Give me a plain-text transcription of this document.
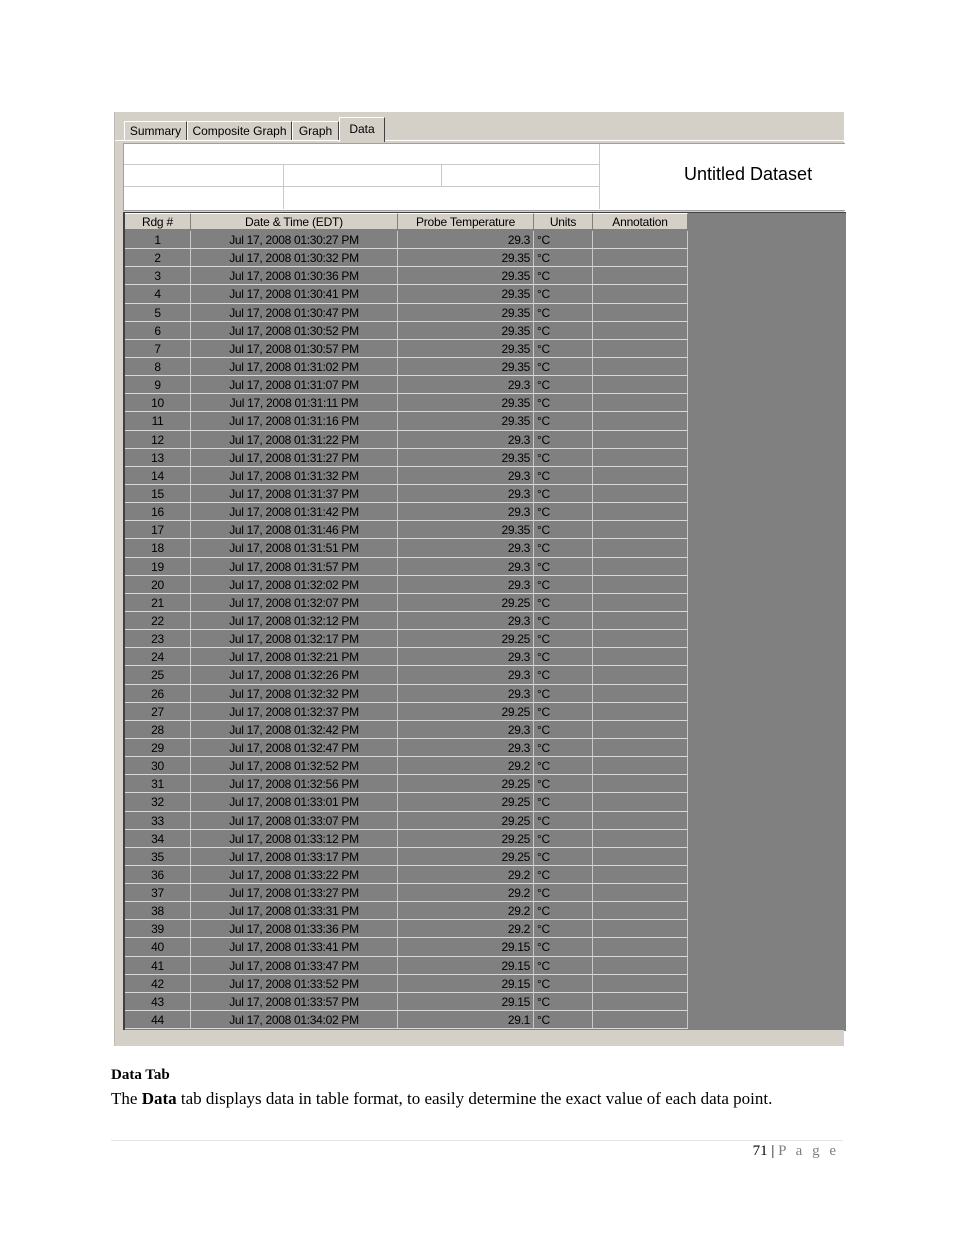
Summary Composite Graph	Graph	Data
Untitled Dataset
Rdg #	Date & Time (EDT)	Probe Temperature	Units	Annotation
1	Jul 17, 2008 01:30:27 PM	29.3 °C
2	Jul 17, 2008 01:30:32 PM	29.35 °C
3	Jul 17, 2008 01:30:36 PM	29.35 °C
4	Jul 17, 2008 01:30:41 PM	29.35 °C
5	Jul 17, 2008 01:30:47 PM	29.35 °C
6	Jul 17, 2008 01:30:52 PM	29.35 °C
7	Jul 17, 2008 01:30:57 PM	29.35 °C
8	Jul 17, 2008 01:31:02 PM	29.35 °C
9	Jul 17, 2008 01:31:07 PM	29.3 °C
10	Jul 17, 2008 01:31:11 PM	29.35 °C
11	Jul 17, 2008 01:31:16 PM	29.35 °C
12	Jul 17, 2008 01:31:22 PM	29.3 °C
13	Jul 17, 2008 01:31:27 PM	29.35 °C
14	Jul 17, 2008 01:31:32 PM	29.3 °C
15	Jul 17, 2008 01:31:37 PM	29.3 °C
16	Jul 17, 2008 01:31:42 PM	29.3 °C
17	Jul 17, 2008 01:31:46 PM	29.35 °C
18	Jul 17, 2008 01:31:51 PM	29.3 °C
19	Jul 17, 2008 01:31:57 PM	29.3 °C
20	Jul 17, 2008 01:32:02 PM	29.3 °C
21	Jul 17, 2008 01:32:07 PM	29.25 °C
22	Jul 17, 2008 01:32:12 PM	29.3 °C
23	Jul 17, 2008 01:32:17 PM	29.25 °C
24	Jul 17, 2008 01:32:21 PM	29.3 °C
25	Jul 17, 2008 01:32:26 PM	29.3 °C
26	Jul 17, 2008 01:32:32 PM	29.3 °C
27	Jul 17, 2008 01:32:37 PM	29.25 °C
28	Jul 17, 2008 01:32:42 PM	29.3 °C
29	Jul 17, 2008 01:32:47 PM	29.3 °C
30	Jul 17, 2008 01:32:52 PM	29.2 °C
31	Jul 17, 2008 01:32:56 PM	29.25 °C
32	Jul 17, 2008 01:33:01 PM	29.25 °C
33	Jul 17, 2008 01:33:07 PM	29.25 °C
34	Jul 17, 2008 01:33:12 PM	29.25 °C
35	Jul 17, 2008 01:33:17 PM	29.25 °C
36	Jul 17, 2008 01:33:22 PM	29.2 °C
37	Jul 17, 2008 01:33:27 PM	29.2 °C
38	Jul 17, 2008 01:33:31 PM	29.2 °C
39	Jul 17, 2008 01:33:36 PM	29.2 °C
40	Jul 17, 2008 01:33:41 PM	29.15 °C
41	Jul 17, 2008 01:33:47 PM	29.15 °C
42	Jul 17, 2008 01:33:52 PM	29.15 °C
43	Jul 17, 2008 01:33:57 PM	29.15 °C
44	Jul 17, 2008 01:34:02 PM	29.1 °C
Data Tab
The Data tab displays data in table format, to easily determine the exact value of each data point.
71 | P a g e
